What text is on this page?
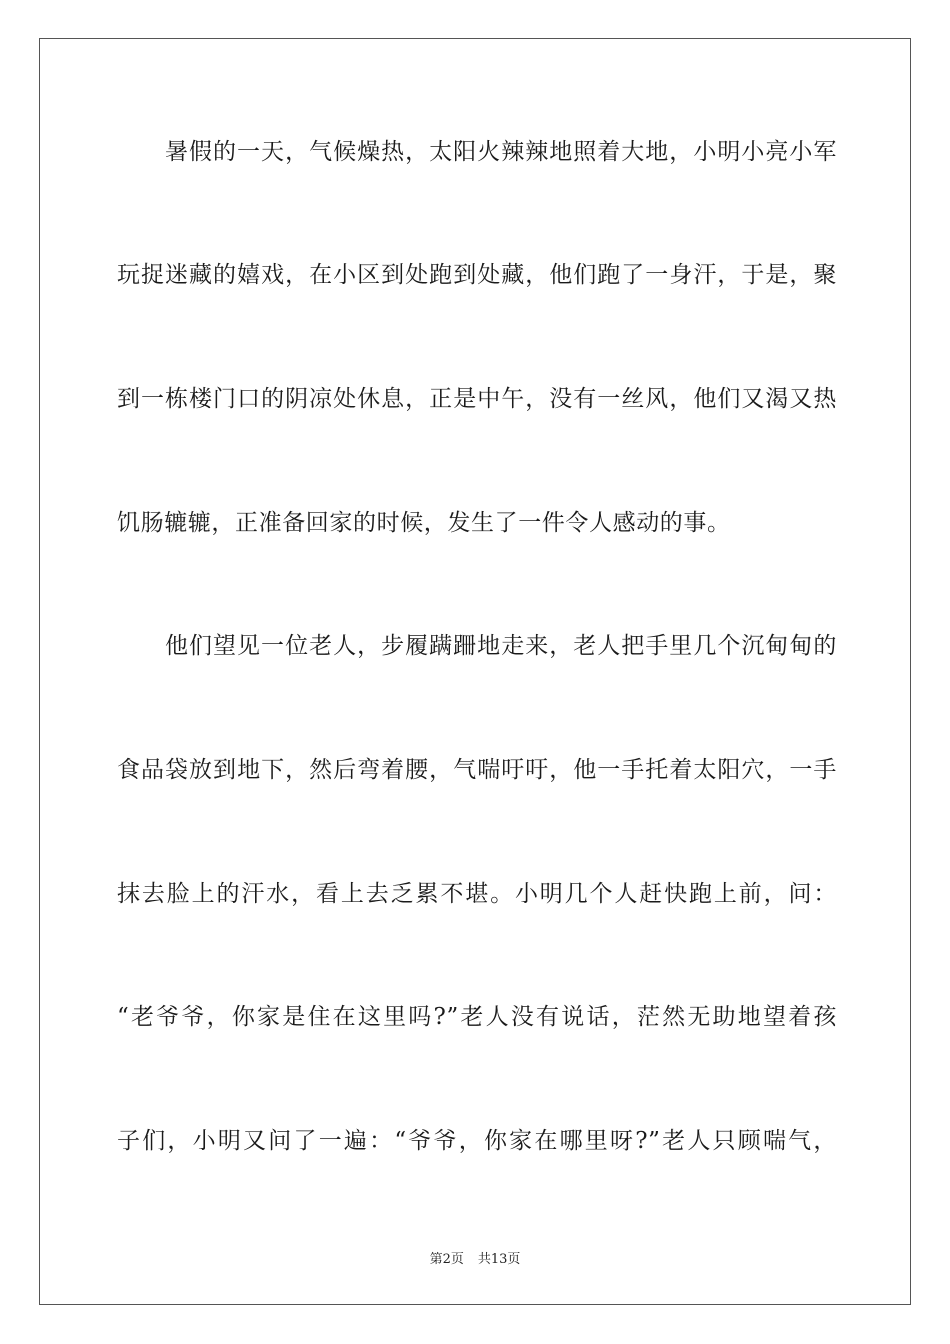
暑假的一天，气候燥热，太阳火辣辣地照着大地，小明小亮小军
玩捉迷藏的嬉戏，在小区到处跑到处藏，他们跑了一身汗，于是，聚
到一栋楼门口的阴凉处休息，正是中午，没有一丝风，他们又渴又热
饥肠辘辘，正准备回家的时候，发生了一件令人感动的事。
他们望见一位老人，步履蹒跚地走来，老人把手里几个沉甸甸的
食品袋放到地下，然后弯着腰，气喘吁吁，他一手托着太阳穴，一手
抹去脸上的汗水，看上去乏累不堪。小明几个人赶快跑上前，问：
“老爷爷，你家是住在这里吗?”老人没有说话，茫然无助地望着孩
子们，小明又问了一遍：“爷爷，你家在哪里呀?”老人只顾喘气，
第2页 共13页
